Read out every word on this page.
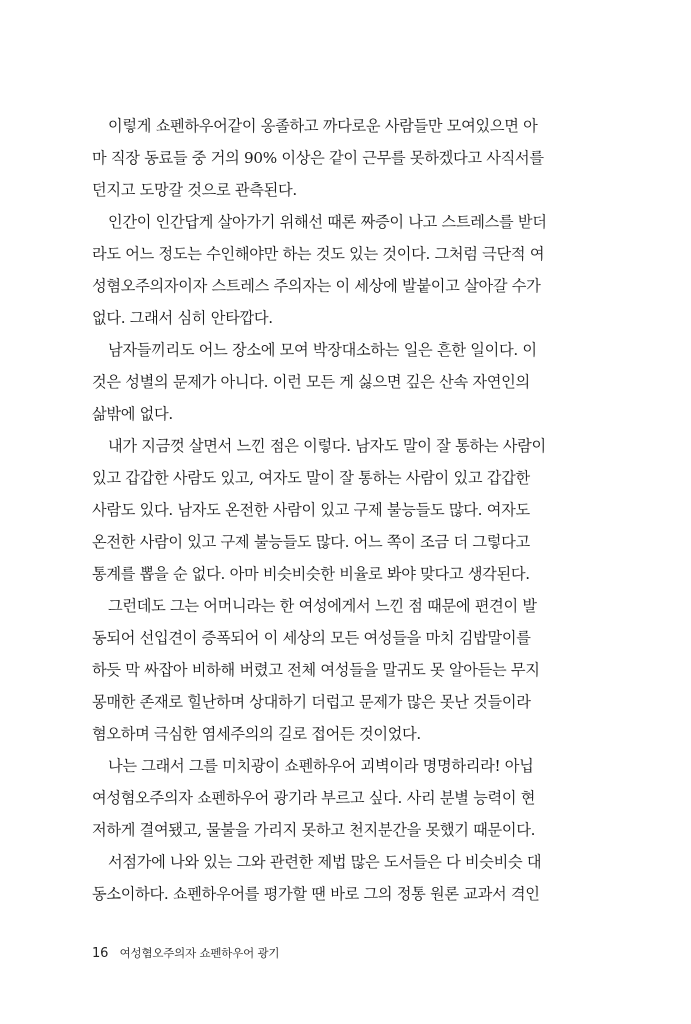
이렇게 쇼펜하우어같이 옹졸하고 까다로운 사람들만 모여있으면 아
마 직장 동료들 중 거의 90% 이상은 같이 근무를 못하겠다고 사직서를
던지고 도망갈 것으로 관측된다.
인간이 인간답게 살아가기 위해선 때론 짜증이 나고 스트레스를 받더
라도 어느 정도는 수인해야만 하는 것도 있는 것이다. 그처럼 극단적 여
성혐오주의자이자 스트레스 주의자는 이 세상에 발붙이고 살아갈 수가
없다. 그래서 심히 안타깝다.
남자들끼리도 어느 장소에 모여 박장대소하는 일은 흔한 일이다. 이
것은 성별의 문제가 아니다. 이런 모든 게 싫으면 깊은 산속 자연인의
삶밖에 없다.
내가 지금껏 살면서 느낀 점은 이렇다. 남자도 말이 잘 통하는 사람이
있고 갑갑한 사람도 있고, 여자도 말이 잘 통하는 사람이 있고 갑갑한
사람도 있다. 남자도 온전한 사람이 있고 구제 불능들도 많다. 여자도
온전한 사람이 있고 구제 불능들도 많다. 어느 쪽이 조금 더 그렇다고
통계를 뽑을 순 없다. 아마 비슷비슷한 비율로 봐야 맞다고 생각된다.
그런데도 그는 어머니라는 한 여성에게서 느낀 점 때문에 편견이 발
동되어 선입견이 증폭되어 이 세상의 모든 여성들을 마치 김밥말이를
하듯 막 싸잡아 비하해 버렸고 전체 여성들을 말귀도 못 알아듣는 무지
몽매한 존재로 힐난하며 상대하기 더럽고 문제가 많은 못난 것들이라
혐오하며 극심한 염세주의의 길로 접어든 것이었다.
나는 그래서 그를 미치광이 쇼펜하우어 괴벽이라 명명하리라! 아닙
여성혐오주의자 쇼펜하우어 광기라 부르고 싶다. 사리 분별 능력이 현
저하게 결여됐고, 물불을 가리지 못하고 천지분간을 못했기 때문이다.
서점가에 나와 있는 그와 관련한 제법 많은 도서들은 다 비슷비슷 대
동소이하다. 쇼펜하우어를 평가할 땐 바로 그의 정통 원론 교과서 격인
16 여성혐오주의자 쇼펜하우어 광기
